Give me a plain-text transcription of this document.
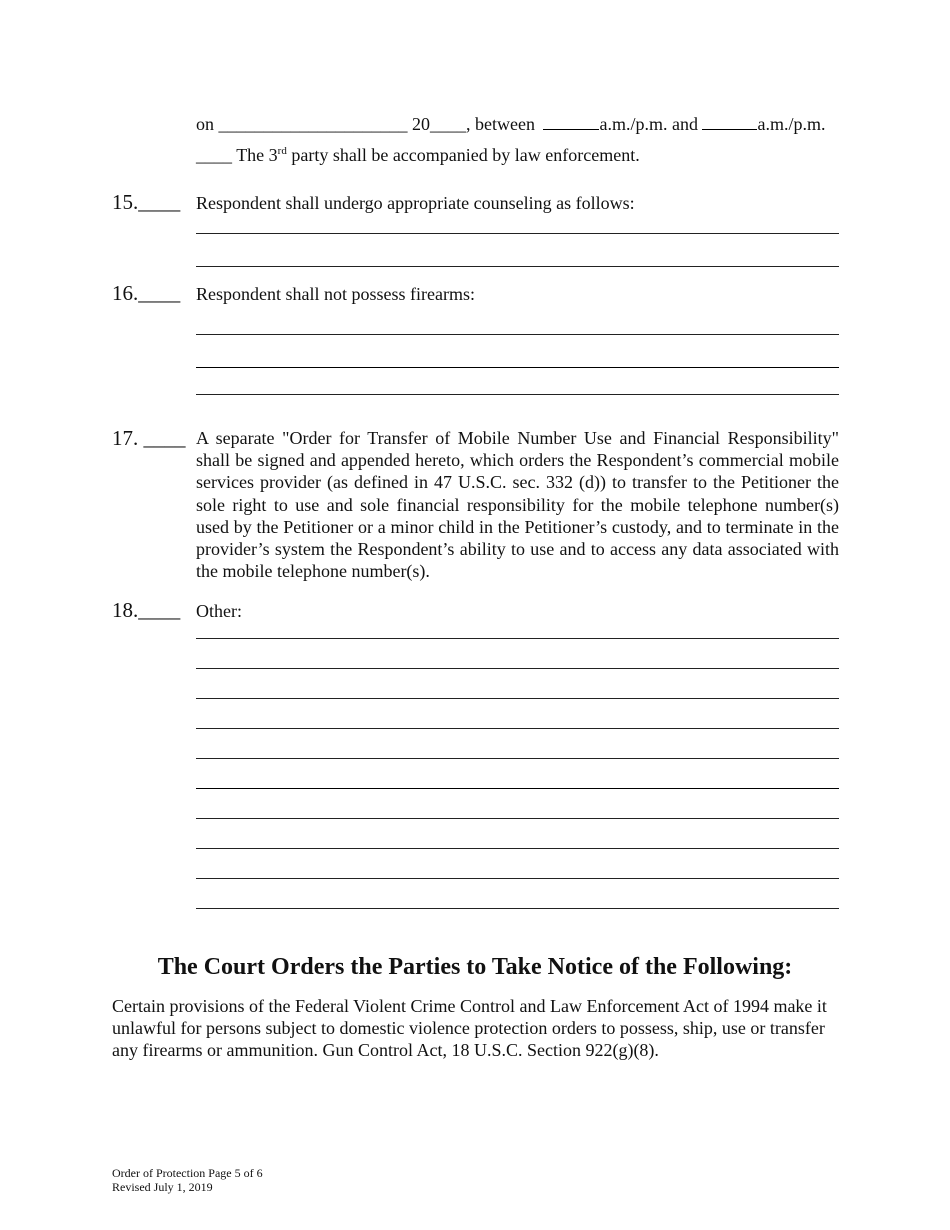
on _____________________ 20____, between	a.m./p.m. and	a.m./p.m.
____ The 3rd party shall be accompanied by law enforcement.
15.____ Respondent shall undergo appropriate counseling as follows:
16.____ Respondent shall not possess firearms:
17. ____ A separate "Order for Transfer of Mobile Number Use and Financial Responsibility" shall be signed and appended hereto, which orders the Respondent’s commercial mobile services provider (as defined in 47 U.S.C. sec. 332 (d)) to transfer to the Petitioner the sole right to use and sole financial responsibility for the mobile telephone number(s) used by the Petitioner or a minor child in the Petitioner’s custody, and to terminate in the provider’s system the Respondent’s ability to use and to access any data associated with the mobile telephone number(s).

18.____ Other:
The Court Orders the Parties to Take Notice of the Following:

Certain provisions of the Federal Violent Crime Control and Law Enforcement Act of 1994 make it unlawful for persons subject to domestic violence protection orders to possess, ship, use or transfer any firearms or ammunition. Gun Control Act, 18 U.S.C. Section 922(g)(8).

Order of Protection Page 5 of 6
Revised July 1, 2019
